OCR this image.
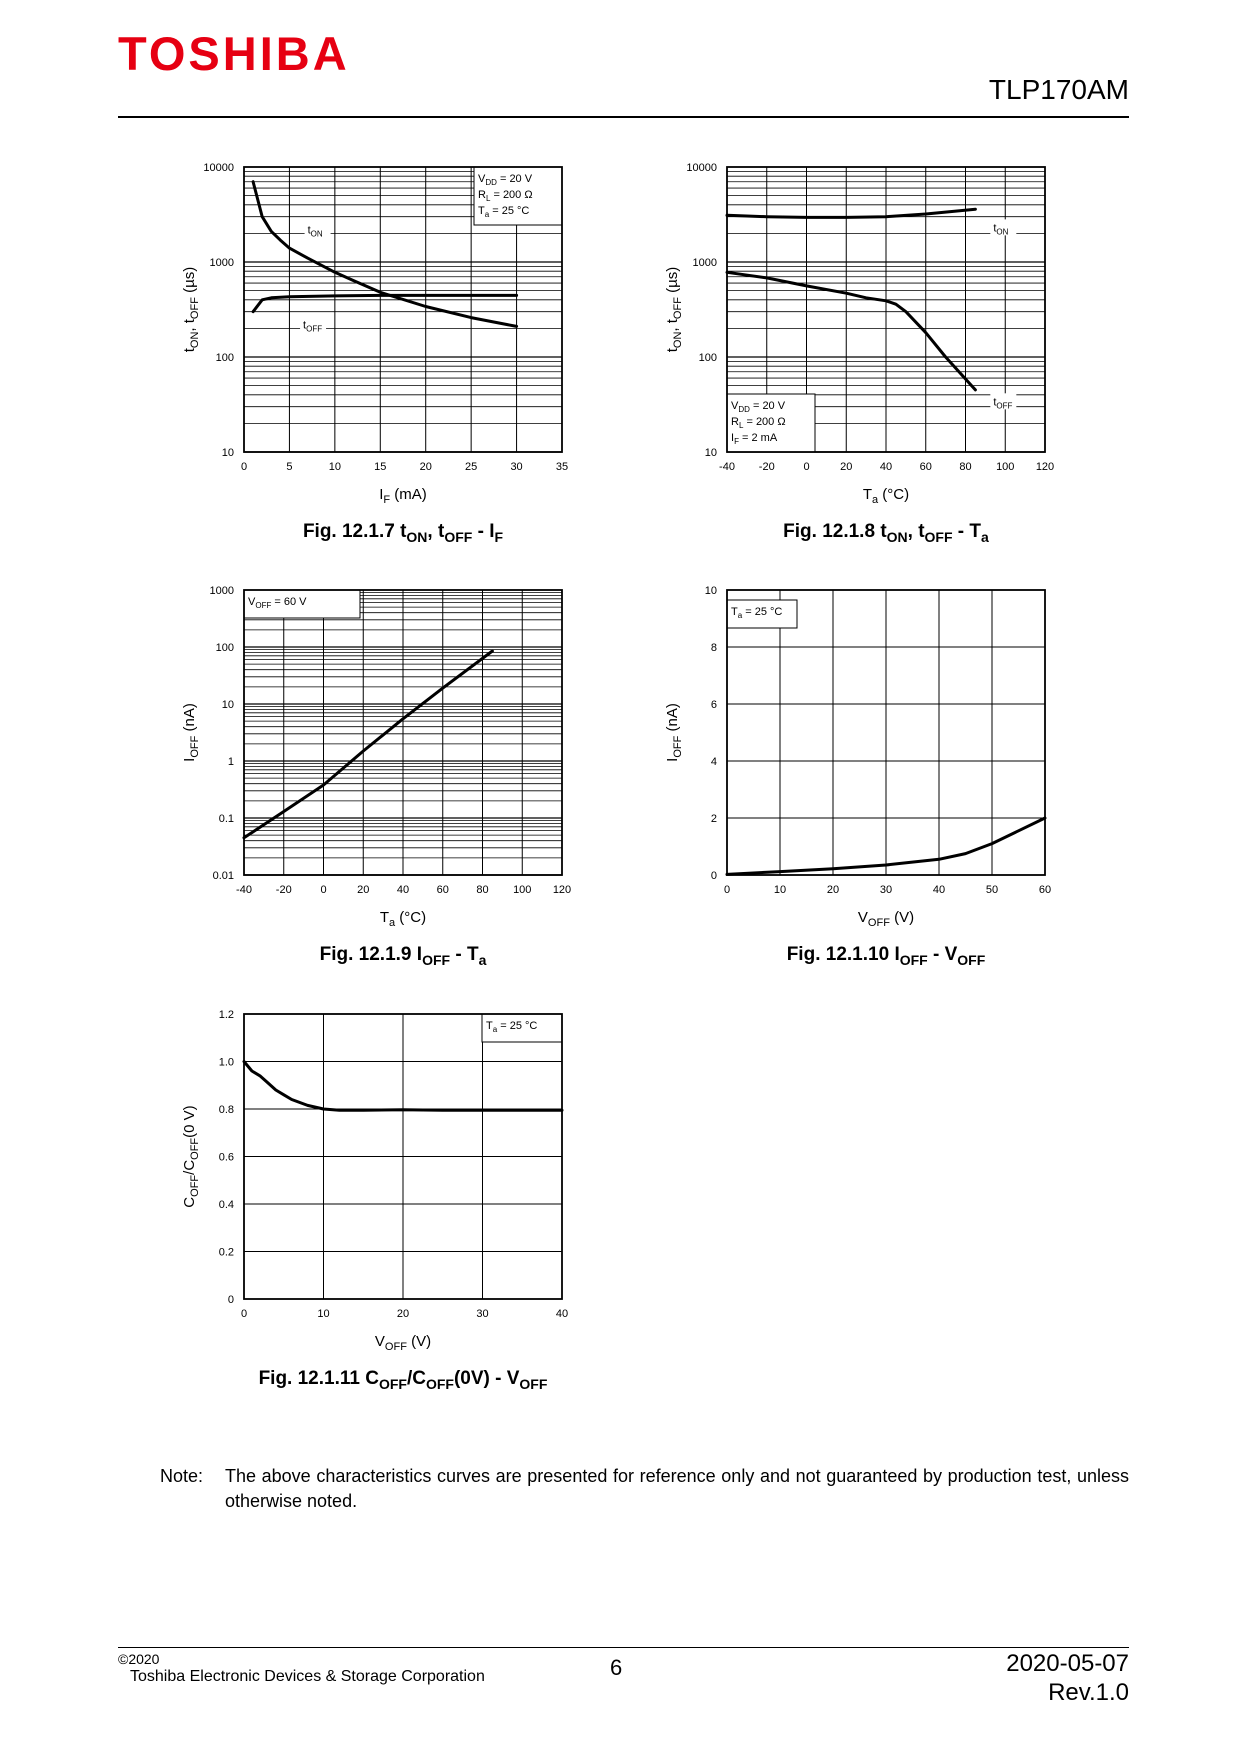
TOSHIBA
TLP170AM
VDD = 20 V
RL = 200 Ω
Ta = 25 °C
tON
tOFF
0	5	10	15	20	25	30	35
10
100
1000
10000
IF (mA)
tON, tOFF (µs)
Fig. 12.1.7 tON, tOFF - IF
VDD = 20 V
RL = 200 Ω
IF = 2 mA
tON
tOFF
-40 -20	0	20	40	60	80 100 120
10
100
1000
10000
Ta (°C)
tON, tOFF (µs)
Fig. 12.1.8 tON, tOFF - Ta
VOFF = 60 V
-40 -20	0	20	40	60	80 100 120
0.01
0.1
1
10
100
1000
Ta (°C)
IOFF (nA)
Fig. 12.1.9 IOFF - Ta
Ta = 25 °C
0	10	20	30	40	50	60
0
2
4
6
8
10
VOFF (V)
IOFF (nA)
Fig. 12.1.10 IOFF - VOFF
Ta = 25 °C
0	10	20	30	40
0
0.2
0.4
0.6
0.8
1.0
1.2
VOFF (V)
COFF/COFF(0 V)
Fig. 12.1.11 COFF/COFF(0V) - VOFF
Note: The above characteristics curves are presented for reference only and not guaranteed by production test, unless otherwise noted.
©2020
Toshiba Electronic Devices & Storage Corporation	6	2020-05-07
Rev.1.0
